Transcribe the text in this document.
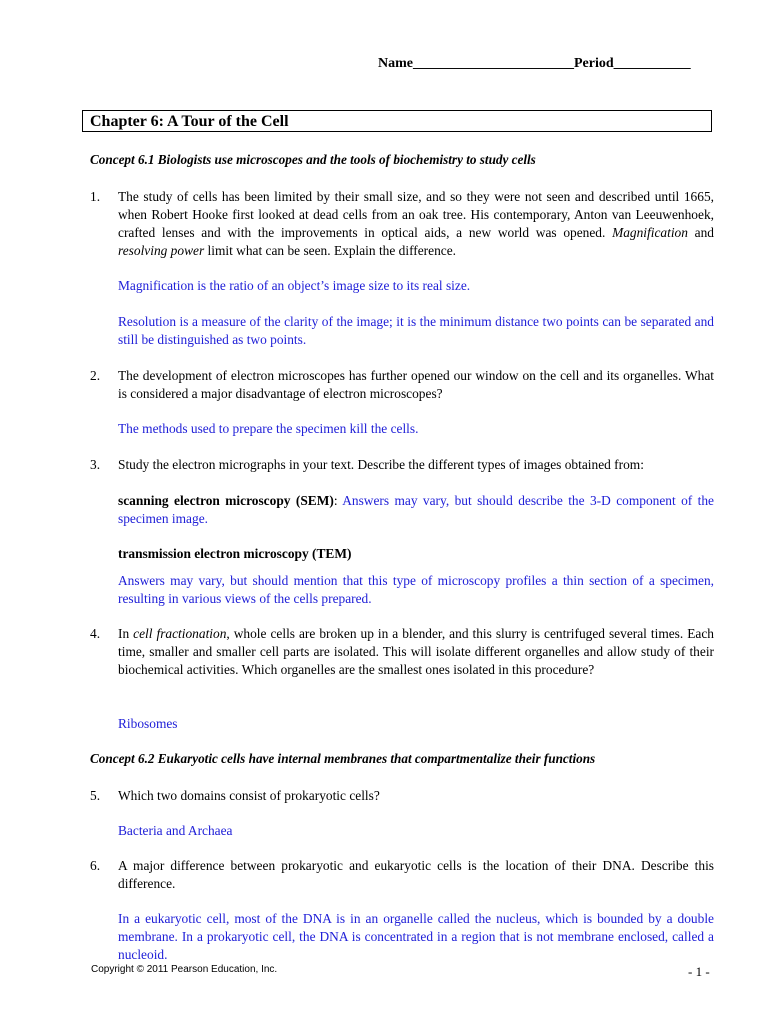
Name_______________________Period___________
Chapter 6: A Tour of the Cell
Concept 6.1 Biologists use microscopes and the tools of biochemistry to study cells
1. The study of cells has been limited by their small size, and so they were not seen and described until 1665, when Robert Hooke first looked at dead cells from an oak tree. His contemporary, Anton van Leeuwenhoek, crafted lenses and with the improvements in optical aids, a new world was opened. Magnification and resolving power limit what can be seen. Explain the difference.
Magnification is the ratio of an object’s image size to its real size.
Resolution is a measure of the clarity of the image; it is the minimum distance two points can be separated and still be distinguished as two points.
2. The development of electron microscopes has further opened our window on the cell and its organelles. What is considered a major disadvantage of electron microscopes?
The methods used to prepare the specimen kill the cells.
3. Study the electron micrographs in your text. Describe the different types of images obtained from:
scanning electron microscopy (SEM): Answers may vary, but should describe the 3-D component of the specimen image.
transmission electron microscopy (TEM)
Answers may vary, but should mention that this type of microscopy profiles a thin section of a specimen, resulting in various views of the cells prepared.
4. In cell fractionation, whole cells are broken up in a blender, and this slurry is centrifuged several times. Each time, smaller and smaller cell parts are isolated. This will isolate different organelles and allow study of their biochemical activities. Which organelles are the smallest ones isolated in this procedure?
Ribosomes
Concept 6.2 Eukaryotic cells have internal membranes that compartmentalize their functions
5. Which two domains consist of prokaryotic cells?
Bacteria and Archaea
6. A major difference between prokaryotic and eukaryotic cells is the location of their DNA. Describe this difference.
In a eukaryotic cell, most of the DNA is in an organelle called the nucleus, which is bounded by a double membrane. In a prokaryotic cell, the DNA is concentrated in a region that is not membrane enclosed, called a nucleoid.
Copyright © 2011 Pearson Education, Inc.	- 1 -
